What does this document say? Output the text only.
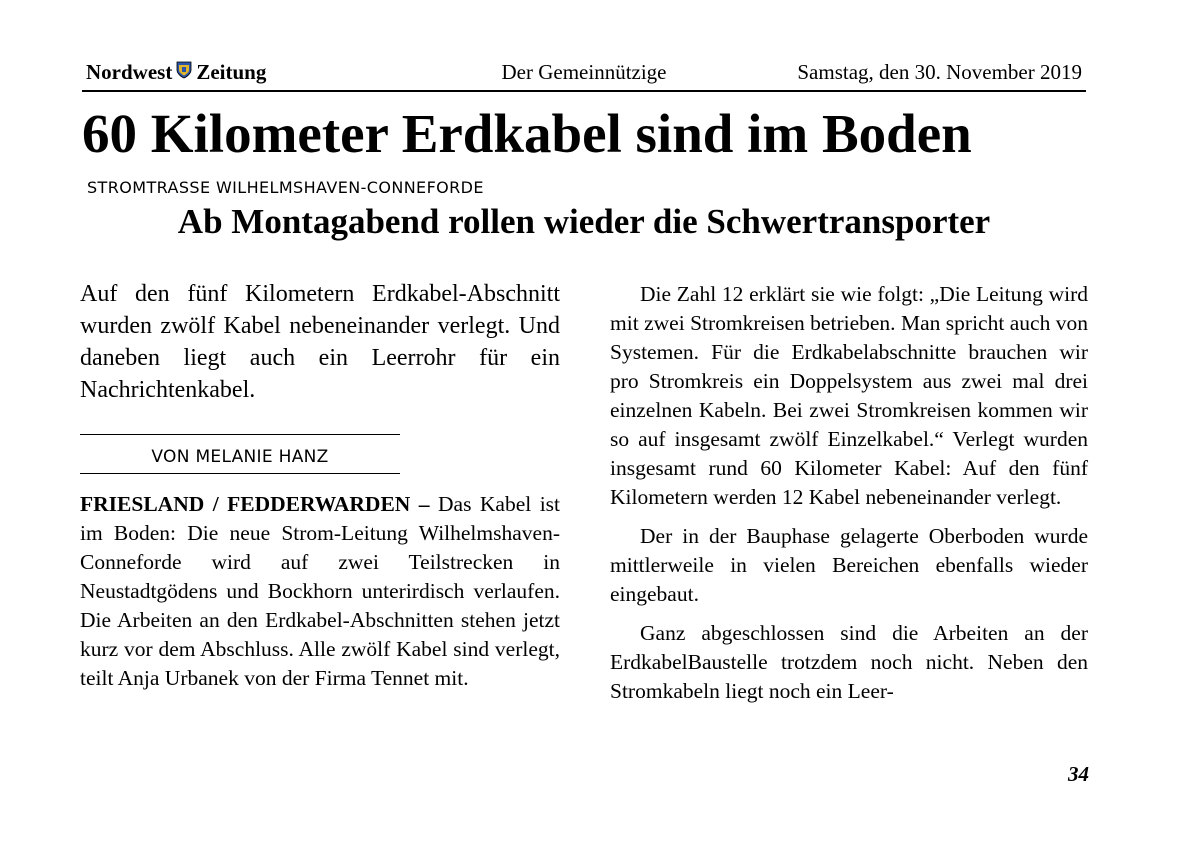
Nordwest Zeitung	Der Gemeinnützige	Samstag, den 30. November 2019
60 Kilometer Erdkabel sind im Boden
STROMTRASSE WILHELMSHAVEN-CONNEFORDE
Ab Montagabend rollen wieder die Schwertransporter

Auf den fünf Kilometern Erdkabel-Abschnitt wurden zwölf Kabel nebeneinander verlegt. Und daneben liegt auch ein Leerrohr für ein Nachrichtenkabel.

VON MELANIE HANZ

FRIESLAND / FEDDERWARDEN – Das Kabel ist im Boden: Die neue Strom-Leitung Wilhelmshaven-Conneforde wird auf zwei Teilstrecken in Neustadtgödens und Bockhorn unterirdisch verlaufen. Die Arbeiten an den Erdkabel-Abschnitten stehen jetzt kurz vor dem Abschluss. Alle zwölf Kabel sind verlegt, teilt Anja Urbanek von der Firma Tennet mit.

Die Zahl 12 erklärt sie wie folgt: „Die Leitung wird mit zwei Stromkreisen betrieben. Man spricht auch von Systemen. Für die Erdkabelabschnitte brauchen wir pro Stromkreis ein Doppelsystem aus zwei mal drei einzelnen Kabeln. Bei zwei Stromkreisen kommen wir so auf insgesamt zwölf Einzelkabel.“ Verlegt wurden insgesamt rund 60 Kilometer Kabel: Auf den fünf Kilometern werden 12 Kabel nebeneinander verlegt.

Der in der Bauphase gelagerte Oberboden wurde mittlerweile in vielen Bereichen ebenfalls wieder eingebaut.

Ganz abgeschlossen sind die Arbeiten an der ErdkabelBaustelle trotzdem noch nicht. Neben den Stromkabeln liegt noch ein Leer-

34
